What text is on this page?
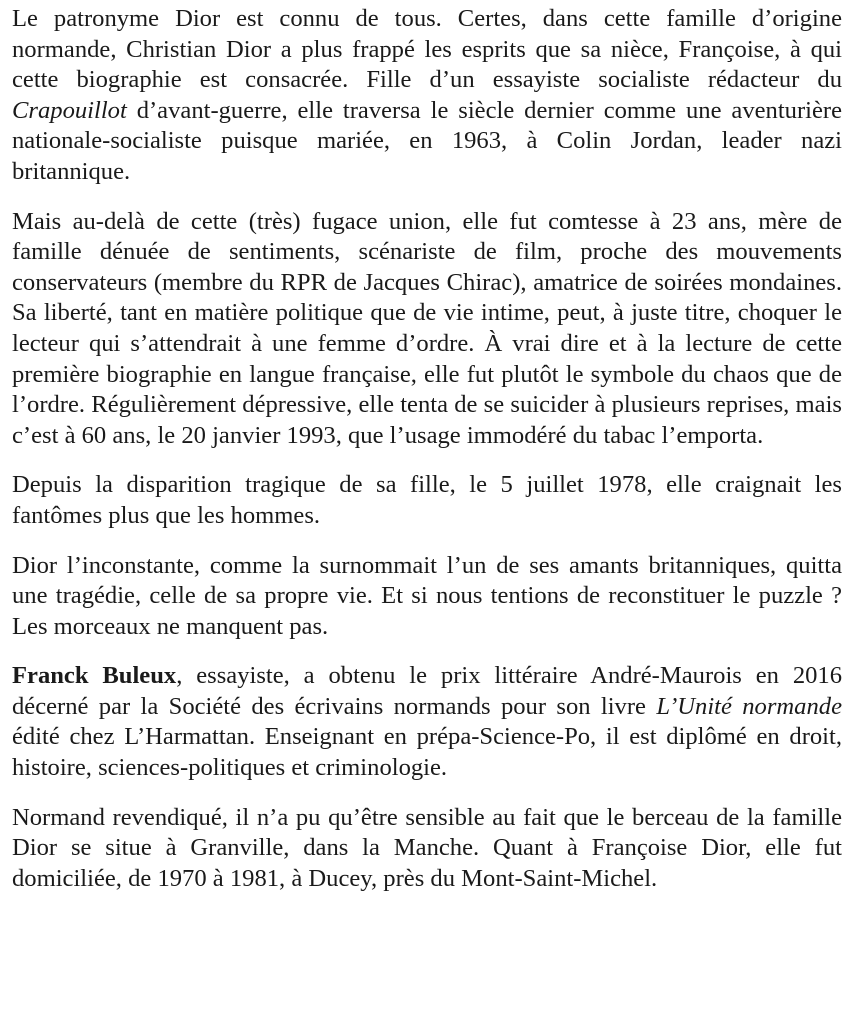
Le patronyme Dior est connu de tous. Certes, dans cette famille d’origine normande, Christian Dior a plus frappé les esprits que sa nièce, Françoise, à qui cette biographie est consacrée. Fille d’un essayiste socialiste rédacteur du Crapouillot d’avant-guerre, elle traversa le siècle dernier comme une aventurière nationale-socialiste puisque mariée, en 1963, à Colin Jordan, leader nazi britannique.

Mais au-delà de cette (très) fugace union, elle fut comtesse à 23 ans, mère de famille dénuée de sentiments, scénariste de film, proche des mouvements conservateurs (membre du RPR de Jacques Chirac), amatrice de soirées mondaines. Sa liberté, tant en matière politique que de vie intime, peut, à juste titre, choquer le lecteur qui s’attendrait à une femme d’ordre. À vrai dire et à la lecture de cette première biographie en langue française, elle fut plutôt le symbole du chaos que de l’ordre. Régulièrement dépressive, elle tenta de se suicider à plusieurs reprises, mais c’est à 60 ans, le 20 janvier 1993, que l’usage immodéré du tabac l’emporta.

Depuis la disparition tragique de sa fille, le 5 juillet 1978, elle craignait les fantômes plus que les hommes.

Dior l’inconstante, comme la surnommait l’un de ses amants britanniques, quitta une tragédie, celle de sa propre vie. Et si nous tentions de reconstituer le puzzle ? Les morceaux ne manquent pas.

Franck Buleux, essayiste, a obtenu le prix littéraire André-Maurois en 2016 décerné par la Société des écrivains normands pour son livre L’Unité normande édité chez L’Harmattan. Enseignant en prépa-Science-Po, il est diplômé en droit, histoire, sciences-politiques et criminologie.

Normand revendiqué, il n’a pu qu’être sensible au fait que le berceau de la famille Dior se situe à Granville, dans la Manche. Quant à Françoise Dior, elle fut domiciliée, de 1970 à 1981, à Ducey, près du Mont-Saint-Michel.
